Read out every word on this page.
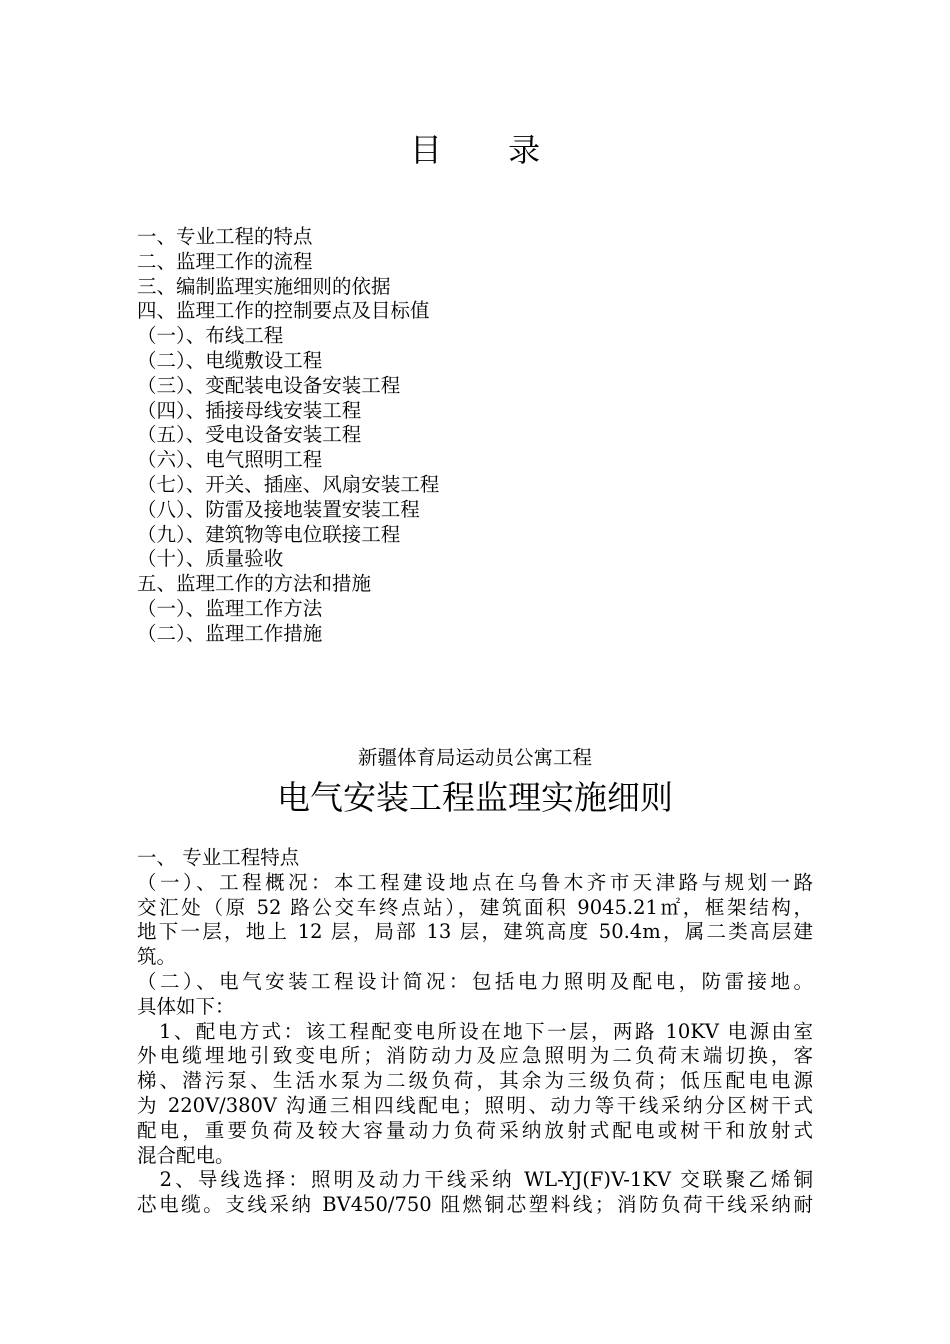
目 录
一、专业工程的特点
二、监理工作的流程
三、编制监理实施细则的依据
四、监理工作的控制要点及目标值
（一）、布线工程
（二）、电缆敷设工程
（三）、变配装电设备安装工程
（四）、插接母线安装工程
（五）、受电设备安装工程
（六）、电气照明工程
（七）、开关、插座、风扇安装工程
（八）、防雷及接地装置安装工程
（九）、建筑物等电位联接工程
（十）、质量验收
五、监理工作的方法和措施
（一）、监理工作方法
（二）、监理工作措施
新疆体育局运动员公寓工程
电气安装工程监理实施细则
一、 专业工程特点
（一）、工程概况：本工程建设地点在乌鲁木齐市天津路与规划一路
交汇处（原 52 路公交车终点站），建筑面积 9045.21㎡，框架结构，
地下一层，地上 12 层，局部 13 层，建筑高度 50.4m，属二类高层建
筑。
（二）、电气安装工程设计简况：包括电力照明及配电，防雷接地。
具体如下：
　1、配电方式：该工程配变电所设在地下一层，两路 10KV 电源由室
外电缆埋地引致变电所；消防动力及应急照明为二负荷末端切换，客
梯、潜污泵、生活水泵为二级负荷，其余为三级负荷；低压配电电源
为 220V/380V 沟通三相四线配电；照明、动力等干线采纳分区树干式
配电，重要负荷及较大容量动力负荷采纳放射式配电或树干和放射式
混合配电。
　2、导线选择：照明及动力干线采纳 WL-YJ(F)V-1KV 交联聚乙烯铜
芯电缆。支线采纳 BV450/750 阻燃铜芯塑料线；消防负荷干线采纳耐
